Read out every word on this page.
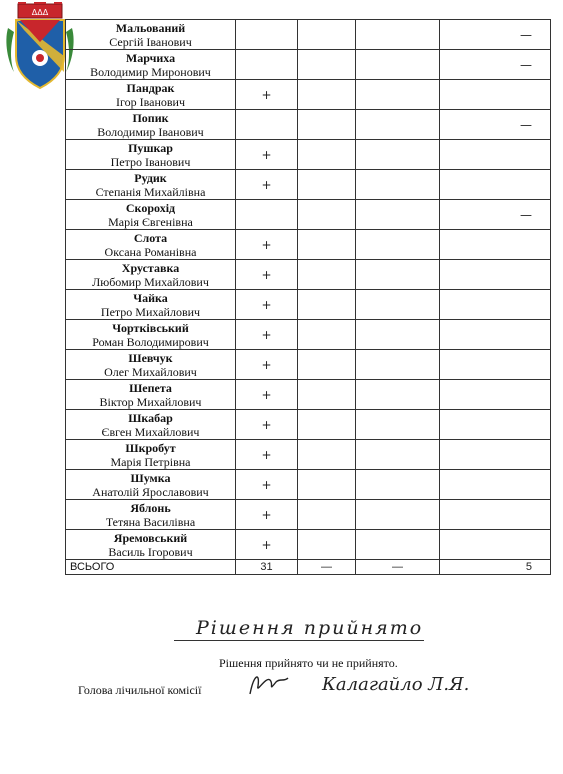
ΔΔΔ
Мальований
Сергій Іванович				—

Марчиха
Володимир Миронович				—

Пандрак
Ігор Іванович	+			

Попик
Володимир Іванович				—

Пушкар
Петро Іванович	+			

Рудик
Степанія Михайлівна	+			

Скорохід
Марія Євгенівна				—

Слота
Оксана Романівна	+			

Хруставка
Любомир Михайлович	+			

Чайка
Петро Михайлович	+			

Чортківський
Роман Володимирович	+			

Шевчук
Олег Михайлович	+			

Шепета
Віктор Михайлович	+			

Шкабар
Євген Михайлович	+			

Шкробут
Марія Петрівна	+			

Шумка
Анатолій Ярославович	+			

Яблонь
Тетяна Василівна	+			

Яремовський
Василь Ігорович	+			
ВСЬОГО	31	—	—	5
Рішення прийнято
Рішення прийнято чи не прийнято.
Голова лічильної комісії	Калагайло Л.Я.
